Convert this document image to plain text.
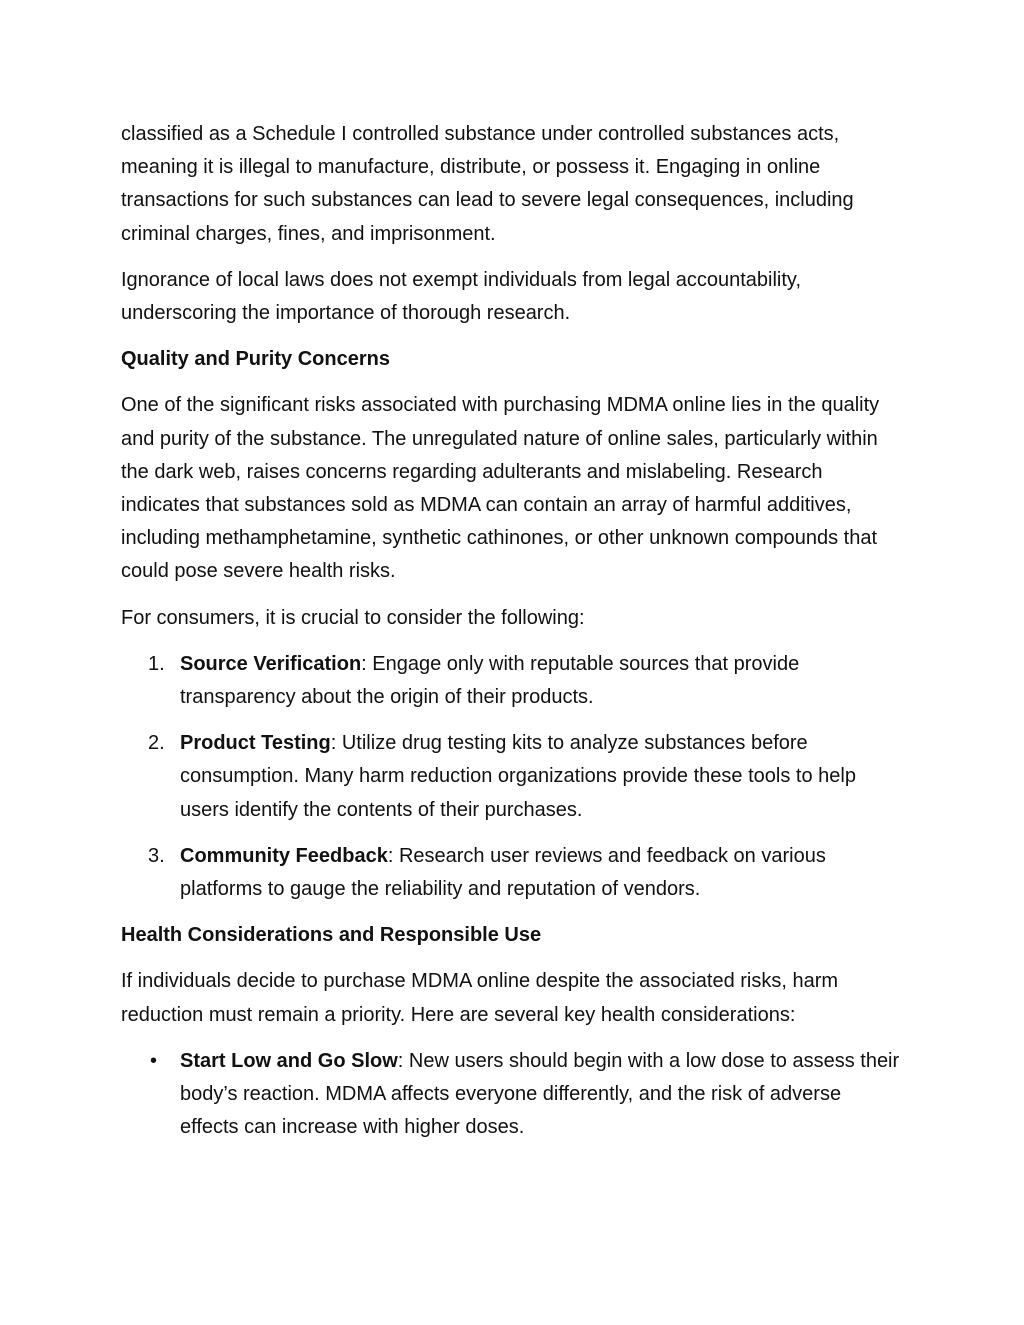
classified as a Schedule I controlled substance under controlled substances acts, meaning it is illegal to manufacture, distribute, or possess it. Engaging in online transactions for such substances can lead to severe legal consequences, including criminal charges, fines, and imprisonment.

Ignorance of local laws does not exempt individuals from legal accountability, underscoring the importance of thorough research.

Quality and Purity Concerns

One of the significant risks associated with purchasing MDMA online lies in the quality and purity of the substance. The unregulated nature of online sales, particularly within the dark web, raises concerns regarding adulterants and mislabeling. Research indicates that substances sold as MDMA can contain an array of harmful additives, including methamphetamine, synthetic cathinones, or other unknown compounds that could pose severe health risks.

For consumers, it is crucial to consider the following:

1. Source Verification: Engage only with reputable sources that provide transparency about the origin of their products.
2. Product Testing: Utilize drug testing kits to analyze substances before consumption. Many harm reduction organizations provide these tools to help users identify the contents of their purchases.
3. Community Feedback: Research user reviews and feedback on various platforms to gauge the reliability and reputation of vendors.
Health Considerations and Responsible Use

If individuals decide to purchase MDMA online despite the associated risks, harm reduction must remain a priority. Here are several key health considerations:

• Start Low and Go Slow: New users should begin with a low dose to assess their body’s reaction. MDMA affects everyone differently, and the risk of adverse effects can increase with higher doses.
